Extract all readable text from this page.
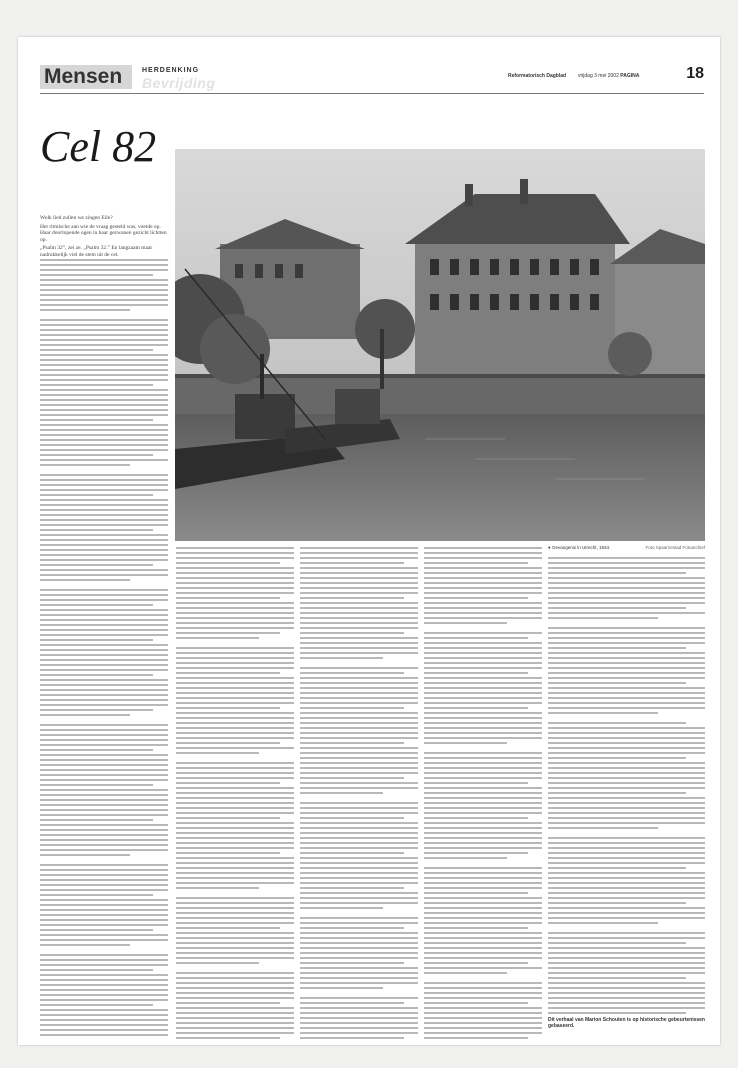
Mensen	HERDENKING
Bevrijding	Reformatorisch Dagblad vrijdag 3 mei 2002 PAGINA	18
Cel 82
● Gevangenis in Utrecht, 1934.	Foto Spaarnestad Fotoarchief

Wolk lied zullen we zingen Eile?

Het ritmische aan wie de vraag gesteld was, voetde op. Haar doorlopende ogen in haar gezwanen gezicht lichtten op.

„Psalm 32”, zei ze. „Psalm 32.” En langzaam maar nadrukkelijk viel de stem uit de cel.

Dit verhaal van Marion Schouten is op historische gebeurtenissen gebaseerd.
